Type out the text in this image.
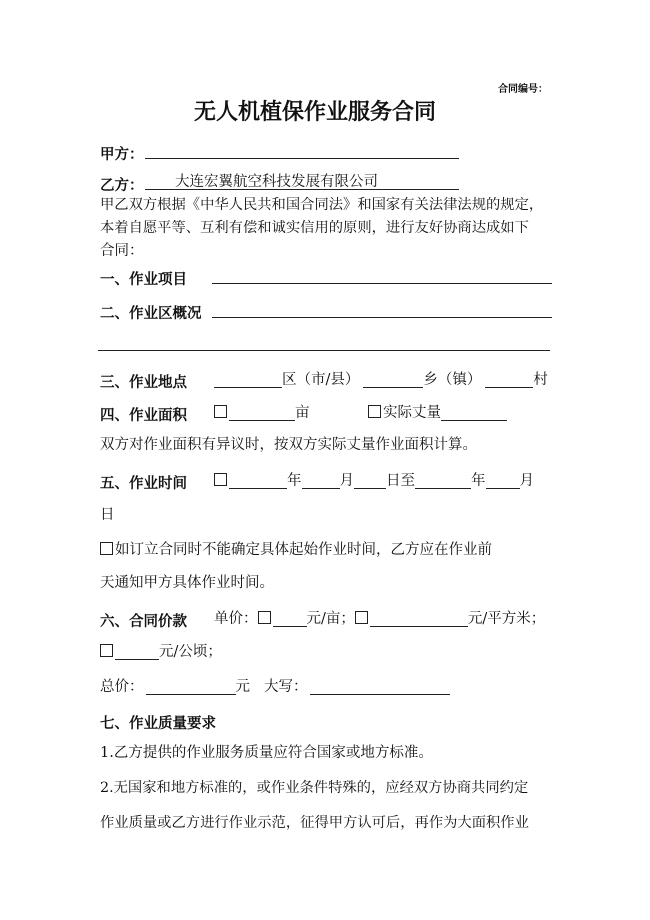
合同编号：
无人机植保作业服务合同
甲方：
乙方： 大连宏翼航空科技发展有限公司
甲乙双方根据《中华人民共和国合同法》和国家有关法律法规的规定，
本着自愿平等、互利有偿和诚实信用的原则，进行友好协商达成如下
合同：
一、作业项目
二、作业区概况
三、作业地点	区（市/县）	乡（镇）	村
四、作业面积	亩	实际丈量
双方对作业面积有异议时，按双方实际丈量作业面积计算。
五、作业时间	年	月 日至	年 月
日
如订立合同时不能确定具体起始作业时间，乙方应在作业前
天通知甲方具体作业时间。
六、合同价款 单价：	元/亩；	元/平方米；
元/公顷；
总价：	元 大写：
七、作业质量要求
1.乙方提供的作业服务质量应符合国家或地方标准。
2.无国家和地方标准的，或作业条件特殊的，应经双方协商共同约定
作业质量或乙方进行作业示范，征得甲方认可后，再作为大面积作业
